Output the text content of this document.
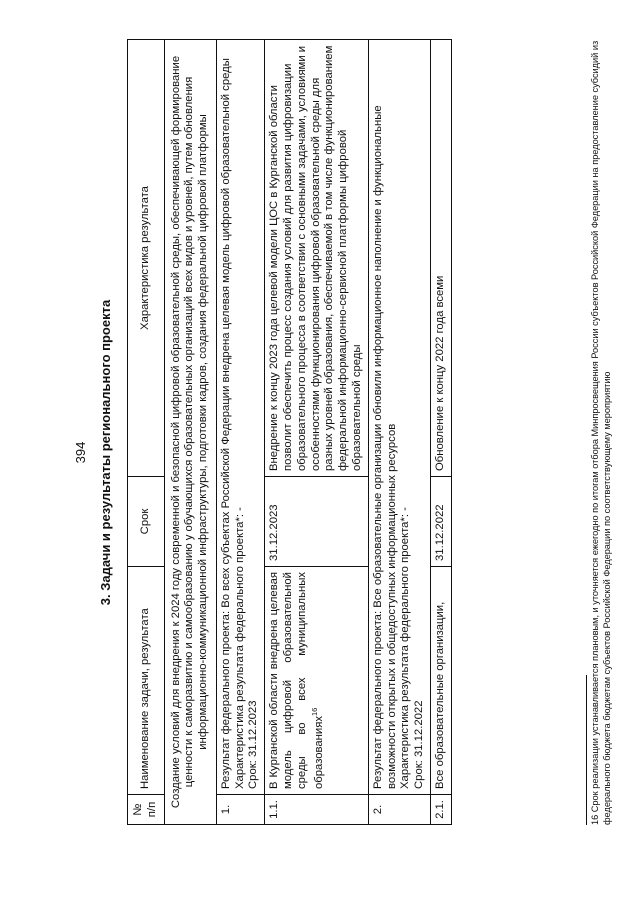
394 3. Задачи и результаты регионального проекта
№ п/п	Наименование задачи, результата	Срок	Характеристика результата
Создание условий для внедрения к 2024 году современной и безопасной цифровой образовательной среды, обеспечивающей формирование ценности к саморазвитию и самообразованию у обучающихся образовательных организаций всех видов и уровней, путем обновления информационно-коммуникационной инфраструктуры, подготовки кадров, создания федеральной цифровой платформы			
1.	Результат федерального проекта: Во всех субъектах Российской Федерации внедрена целевая модель цифровой образовательной среды
Характеристика результата федерального проекта*: -
Срок: 31.12.2023		
1.1.	В Курганской области внедрена целевая модель цифровой образовательной среды во всех муниципальных образованиях$^{16}$	31.12.2023	Внедрение к концу 2023 года целевой модели ЦОС в Курганской области позволит обеспечить процесс создания условий для развития цифровизации образовательного процесса в соответствии с основными задачами, условиями и особенностями функционирования цифровой образовательной среды для разных уровней образования, обеспечиваемой в том числе функционированием федеральной информационно-сервисной платформы цифровой образовательной среды
2.	Результат федерального проекта: Все образовательные организации обновили информационное наполнение и функциональные возможности открытых и общедоступных информационных ресурсов
Характеристика результата федерального проекта*: -
Срок: 31.12.2022		
2.1.	Все образовательные организации,	31.12.2022	Обновление к концу 2022 года всеми
16 Срок реализации устанавливается плановым, и уточняется ежегодно по итогам отбора Минпросвещения России субъектов Российской Федерации на предоставление субсидий из федерального бюджета бюджетам субъектов Российской Федерации по соответствующему мероприятию
